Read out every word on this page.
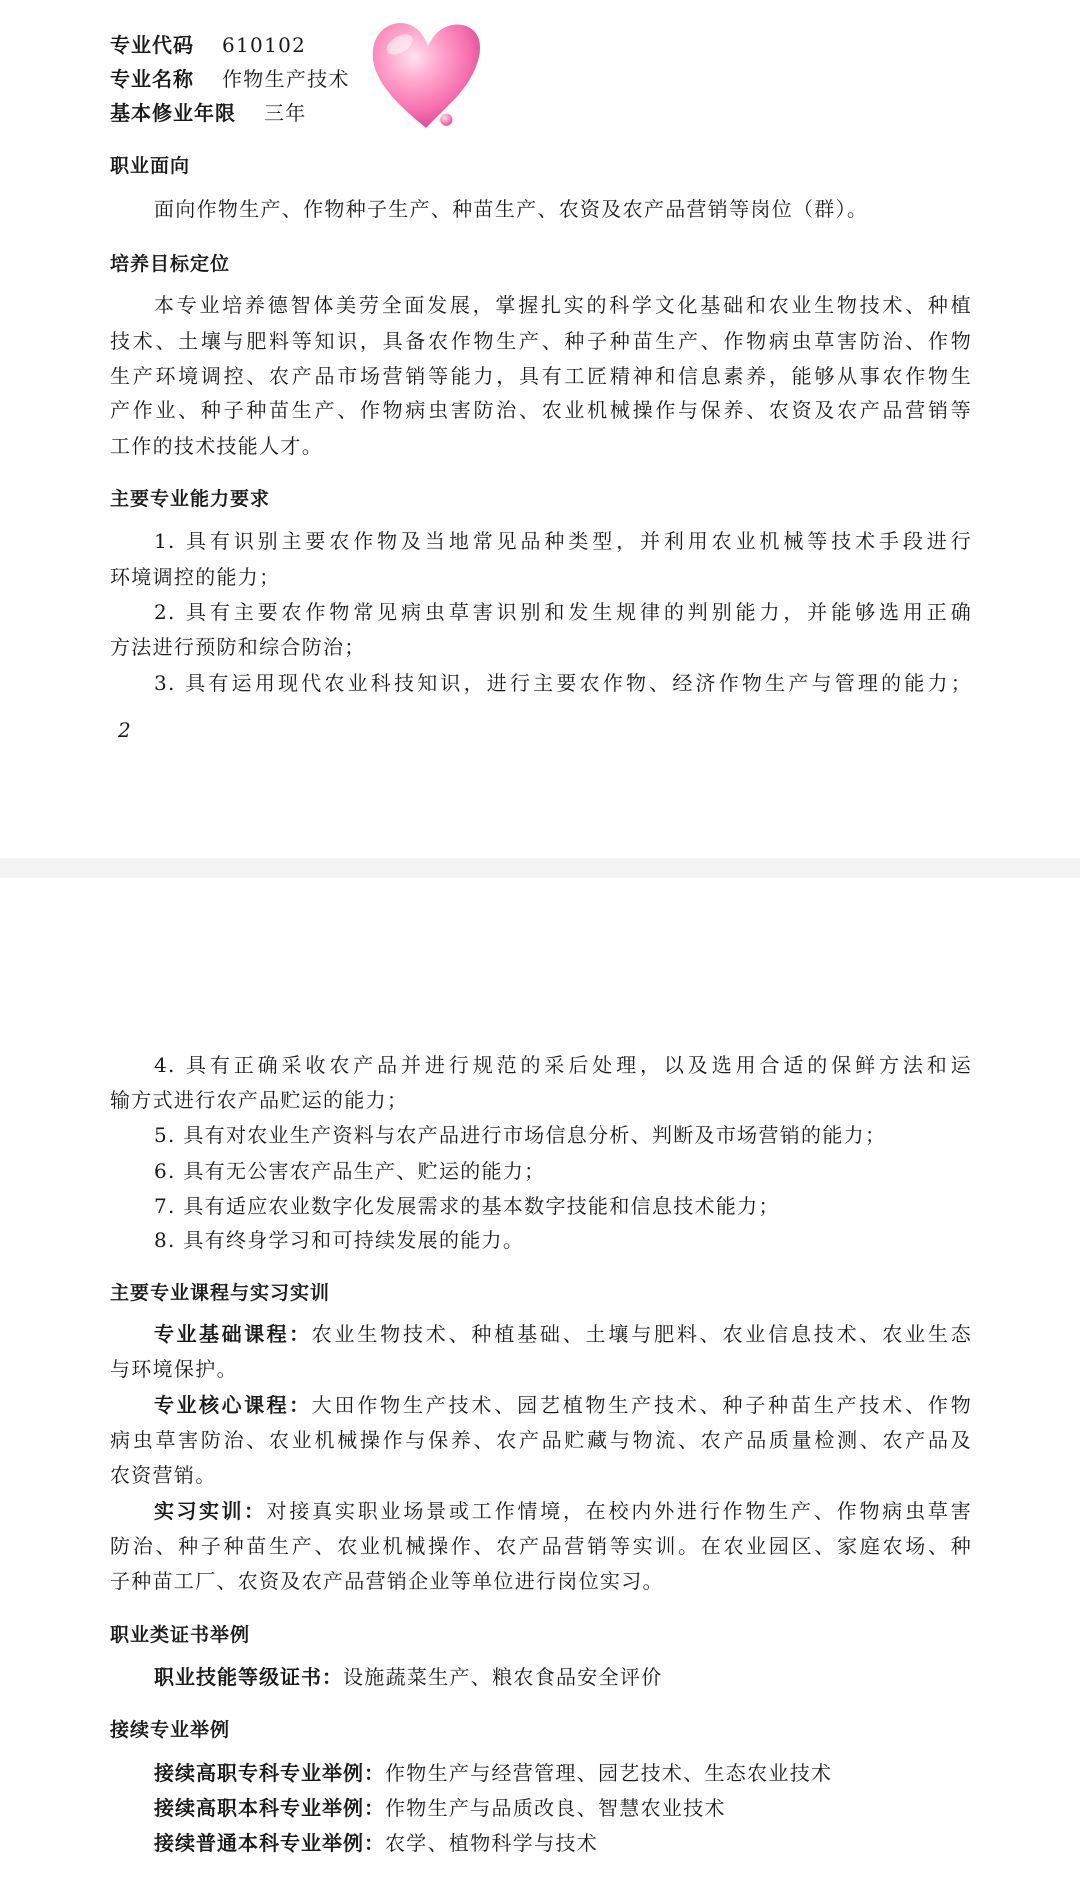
专业代码 610102
专业名称 作物生产技术
基本修业年限 三年
职业面向
面向作物生产、作物种子生产、种苗生产、农资及农产品营销等岗位（群）。
培养目标定位
本专业培养德智体美劳全面发展，掌握扎实的科学文化基础和农业生物技术、种植
技术、土壤与肥料等知识，具备农作物生产、种子种苗生产、作物病虫草害防治、作物
生产环境调控、农产品市场营销等能力，具有工匠精神和信息素养，能够从事农作物生
产作业、种子种苗生产、作物病虫害防治、农业机械操作与保养、农资及农产品营销等
工作的技术技能人才。
主要专业能力要求
1. 具有识别主要农作物及当地常见品种类型，并利用农业机械等技术手段进行
环境调控的能力；
2. 具有主要农作物常见病虫草害识别和发生规律的判别能力，并能够选用正确
方法进行预防和综合防治；
3. 具有运用现代农业科技知识，进行主要农作物、经济作物生产与管理的能力；
2
4. 具有正确采收农产品并进行规范的采后处理，以及选用合适的保鲜方法和运
输方式进行农产品贮运的能力；
5. 具有对农业生产资料与农产品进行市场信息分析、判断及市场营销的能力；
6. 具有无公害农产品生产、贮运的能力；
7. 具有适应农业数字化发展需求的基本数字技能和信息技术能力；
8. 具有终身学习和可持续发展的能力。
主要专业课程与实习实训
专业基础课程：农业生物技术、种植基础、土壤与肥料、农业信息技术、农业生态
与环境保护。
专业核心课程：大田作物生产技术、园艺植物生产技术、种子种苗生产技术、作物
病虫草害防治、农业机械操作与保养、农产品贮藏与物流、农产品质量检测、农产品及
农资营销。
实习实训：对接真实职业场景或工作情境，在校内外进行作物生产、作物病虫草害
防治、种子种苗生产、农业机械操作、农产品营销等实训。在农业园区、家庭农场、种
子种苗工厂、农资及农产品营销企业等单位进行岗位实习。
职业类证书举例
职业技能等级证书：设施蔬菜生产、粮农食品安全评价
接续专业举例
接续高职专科专业举例：作物生产与经营管理、园艺技术、生态农业技术
接续高职本科专业举例：作物生产与品质改良、智慧农业技术
接续普通本科专业举例：农学、植物科学与技术
